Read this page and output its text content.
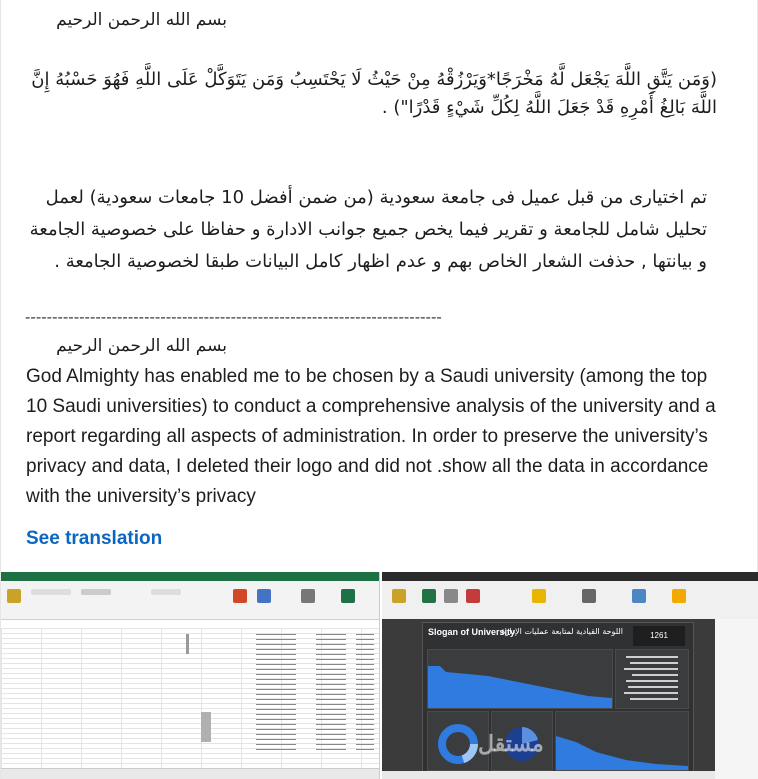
بسم الله الرحمن الرحيم
(وَمَن يَتَّقِ اللَّهَ يَجْعَل لَّهُ مَخْرَجًا*وَيَرْزُقْهُ مِنْ حَيْثُ لَا يَحْتَسِبُ وَمَن يَتَوَكَّلْ عَلَى اللَّهِ فَهُوَ حَسْبُهُ إِنَّ اللَّهَ بَالِغُ أَمْرِهِ قَدْ جَعَلَ اللَّهُ لِكُلِّ شَيْءٍ قَدْرًا") .
تم اختيارى من قبل عميل فى جامعة سعودية (من ضمن أفضل 10 جامعات سعودية) لعمل تحليل شامل للجامعة و تقرير فيما يخص جميع جوانب الادارة و حفاظا على خصوصية الجامعة و بيانتها , حذفت الشعار الخاص بهم و عدم اظهار كامل البيانات طبقا لخصوصية الجامعة .
-----------------------------------------------------------------------------
بسم الله الرحمن الرحيم
God Almighty has enabled me to be chosen by a Saudi university (among the top 10 Saudi universities) to conduct a comprehensive analysis of the university and a report regarding all aspects of administration. In order to preserve the university’s privacy and data, I deleted their logo and did not .show all the data in accordance with the university’s privacy
See translation
Slogan of University
اللوحة القيادية لمتابعة عمليات الإدارة	1261
مستقل
